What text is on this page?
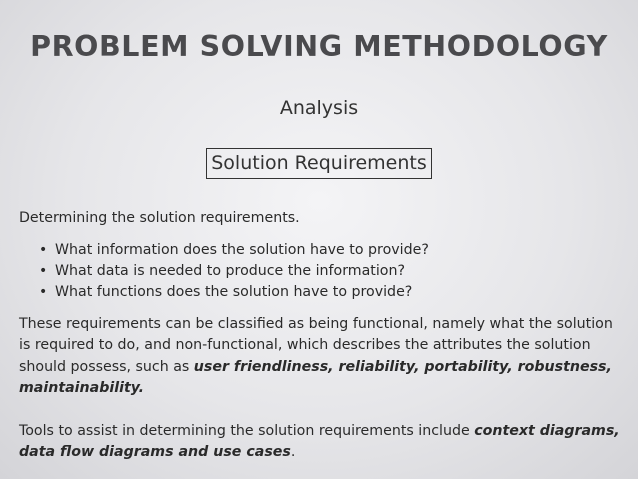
PROBLEM SOLVING METHODOLOGY
Analysis
Solution Requirements

Determining the solution requirements.

• What information does the solution have to provide?
• What data is needed to produce the information?
• What functions does the solution have to provide?

These requirements can be classified as being functional, namely what the solution is required to do, and non-functional, which describes the attributes the solution should possess, such as user friendliness, reliability, portability, robustness, maintainability.

Tools to assist in determining the solution requirements include context diagrams, data flow diagrams and use cases.
